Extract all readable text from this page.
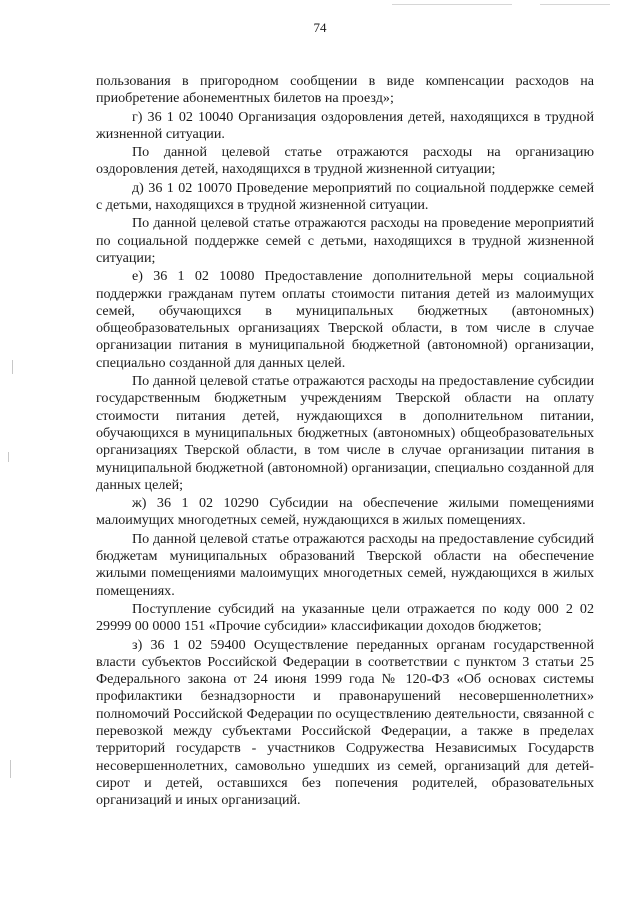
74

пользования в пригородном сообщении в виде компенсации расходов на приобретение абонементных билетов на проезд»;

г) 36 1 02 10040 Организация оздоровления детей, находящихся в трудной жизненной ситуации.

По данной целевой статье отражаются расходы на организацию оздоровления детей, находящихся в трудной жизненной ситуации;

д) 36 1 02 10070 Проведение мероприятий по социальной поддержке семей с детьми, находящихся в трудной жизненной ситуации.

По данной целевой статье отражаются расходы на проведение мероприятий по социальной поддержке семей с детьми, находящихся в трудной жизненной ситуации;

е) 36 1 02 10080 Предоставление дополнительной меры социальной поддержки гражданам путем оплаты стоимости питания детей из малоимущих семей, обучающихся в муниципальных бюджетных (автономных) общеобразовательных организациях Тверской области, в том числе в случае организации питания в муниципальной бюджетной (автономной) организации, специально созданной для данных целей.

По данной целевой статье отражаются расходы на предоставление субсидии государственным бюджетным учреждениям Тверской области на оплату стоимости питания детей, нуждающихся в дополнительном питании, обучающихся в муниципальных бюджетных (автономных) общеобразовательных организациях Тверской области, в том числе в случае организации питания в муниципальной бюджетной (автономной) организации, специально созданной для данных целей;

ж) 36 1 02 10290 Субсидии на обеспечение жилыми помещениями малоимущих многодетных семей, нуждающихся в жилых помещениях.

По данной целевой статье отражаются расходы на предоставление субсидий бюджетам муниципальных образований Тверской области на обеспечение жилыми помещениями малоимущих многодетных семей, нуждающихся в жилых помещениях.

Поступление субсидий на указанные цели отражается по коду 000 2 02 29999 00 0000 151 «Прочие субсидии» классификации доходов бюджетов;

з) 36 1 02 59400 Осуществление переданных органам государственной власти субъектов Российской Федерации в соответствии с пунктом 3 статьи 25 Федерального закона от 24 июня 1999 года № 120-ФЗ «Об основах системы профилактики безнадзорности и правонарушений несовершеннолетних» полномочий Российской Федерации по осуществлению деятельности, связанной с перевозкой между субъектами Российской Федерации, а также в пределах территорий государств - участников Содружества Независимых Государств несовершеннолетних, самовольно ушедших из семей, организаций для детей-сирот и детей, оставшихся без попечения родителей, образовательных организаций и иных организаций.
